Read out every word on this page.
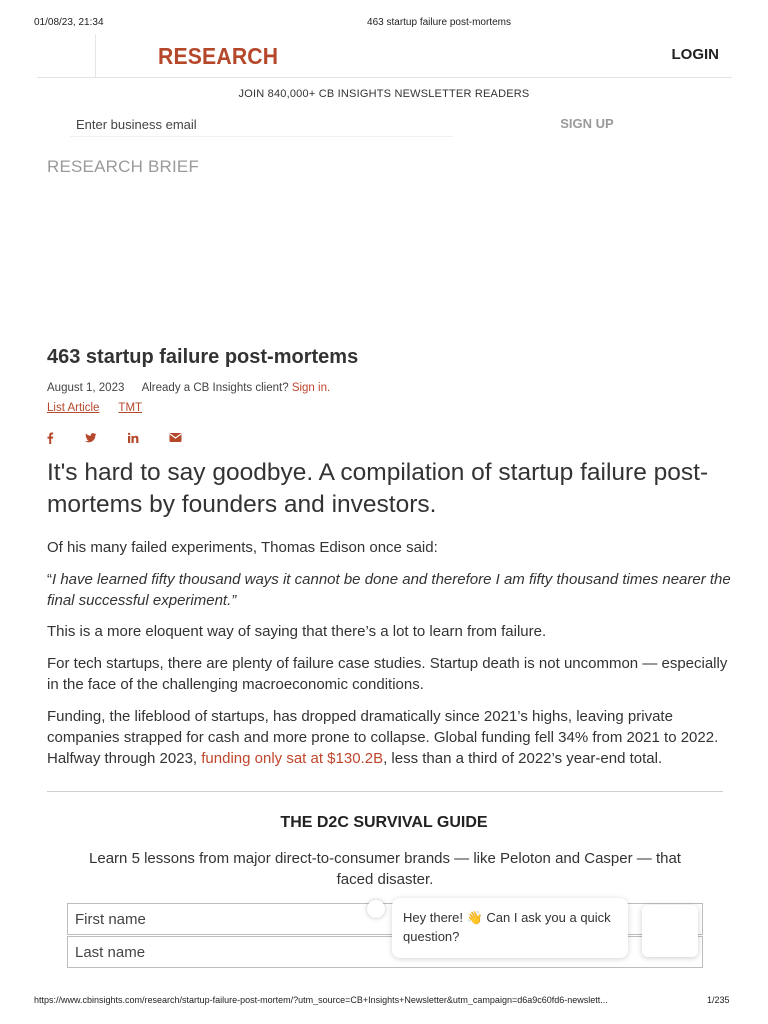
01/08/23, 21:34	463 startup failure post-mortems
RESEARCH	LOGIN
JOIN 840,000+ CB INSIGHTS NEWSLETTER READERS
Enter business email
SIGN UP
RESEARCH BRIEF
463 startup failure post-mortems
August 1, 2023 Already a CB Insights client? Sign in.
List Article TMT
It's hard to say goodbye. A compilation of startup failure post-mortems by founders and investors.

Of his many failed experiments, Thomas Edison once said:

“I have learned fifty thousand ways it cannot be done and therefore I am fifty thousand times nearer the final successful experiment.”

This is a more eloquent way of saying that there’s a lot to learn from failure.

For tech startups, there are plenty of failure case studies. Startup death is not uncommon — especially in the face of the challenging macroeconomic conditions.

Funding, the lifeblood of startups, has dropped dramatically since 2021’s highs, leaving private companies strapped for cash and more prone to collapse. Global funding fell 34% from 2021 to 2022. Halfway through 2023, funding only sat at $130.2B, less than a third of 2022’s year-end total.

THE D2C SURVIVAL GUIDE
Learn 5 lessons from major direct-to-consumer brands — like Peloton and Casper — that faced disaster.
First name
Last name
Hey there! 👋 Can I ask you a quick question?
https://www.cbinsights.com/research/startup-failure-post-mortem/?utm_source=CB+Insights+Newsletter&utm_campaign=d6a9c60fd6-newslett...	1/235
